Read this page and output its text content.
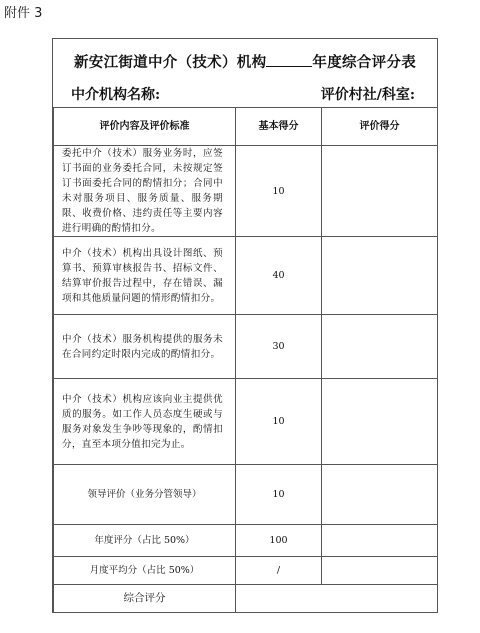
附件 3
新安江街道中介（技术）机构	年度综合评分表
中介机构名称:	评价村社/科室:
评价内容及评价标准	基本得分	评价得分
委托中介（技术）服务业务时，应签订书面的业务委托合同，未按规定签订书面委托合同的酌情扣分；合同中未对服务项目、服务质量、服务期限、收费价格、违约责任等主要内容进行明确的酌情扣分。	10	
中介（技术）机构出具设计图纸、预算书、预算审核报告书、招标文件、结算审价报告过程中，存在错误、漏项和其他质量问题的情形酌情扣分。	40	
中介（技术）服务机构提供的服务未在合同约定时限内完成的酌情扣分。	30	
中介（技术）机构应该向业主提供优质的服务。如工作人员态度生硬或与服务对象发生争吵等现象的，酌情扣分，直至本项分值扣完为止。	10	
领导评价（业务分管领导）	10	
年度评分（占比 50%）	100	
月度平均分（占比 50%）	/	
综合评分		
